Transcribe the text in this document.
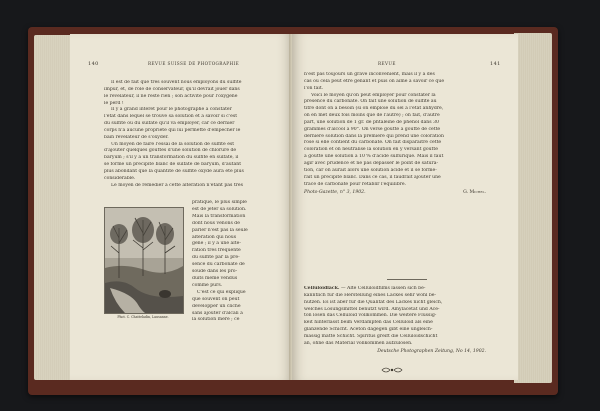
140	REVUE SUISSE DE PHOTOGRAPHIE
Il est de fait que très souvent nous employons du sulfite
impur, et, de rôle de conservateur, qu'il devrait jouer dans
le révélateur, il ne reste rien ; son activité pour l'oxygène
le perd !
Il y a grand intérêt pour le photographe à constater
l'état dans lequel se trouve sa solution et à savoir si c'est
du sulfite ou du sulfate qu'il va employer, car ce dernier
corps n'a aucune propriété qui lui permette d'empêcher le
bain révélateur de s'oxyder.
Un moyen de faire l'essai de la solution de sulfite est
d'ajouter quelques gouttes d'une solution de chlorure de
baryum ; s'il y a un transformation du sulfite en sulfate, il
se forme un précipité blanc de sulfate de baryum, d'autant
plus abondant que la quantité de sulfite oxydé aura été plus
considérable.
Le moyen de remédier à cette altération n'étant pas très
Phot. C. Chatteladin, Lausanne.
pratique, le plus simple
est de jeter sa solution.
Mais la transformation
dont nous venons de
parler n'est pas la seule
altération qui nous
gêne ; il y a une alté-
ration très fréquente
du sulfite par la pré-
sence du carbonate de
soude dans les pro-
duits même vendus
comme purs.
C'est ce qui explique
que souvent on peut
développer un cliché
sans ajouter d'alcali à
la solution mère ; ce
REVUE	141
n'est pas toujours un grave inconvénient, mais il y a des
cas où cela peut être gênant et puis on aime à savoir ce que
l'on fait.
Voici le moyen qu'on peut employer pour constater la
présence du carbonate. On fait une solution de sulfite au
titre dont on a besoin (si on emploie du sel à l'état anhydre,
on en met deux fois moins que de l'autre) ; on fait, d'autre
part, une solution de 1 gr. de phtaléine de phénol dans 30
grammes d'alcool à 90°. On verse goutte à goutte de cette
dernière solution dans la première qui prend une coloration
rose si elle contient du carbonate. On fait disparaître cette
coloration et on neutralise la solution en y versant goutte
à goutte une solution à 10 % d'acide sulfurique. Mais il faut
agir avec prudence et ne pas dépasser le point de satura-
tion, car on aurait alors une solution acide et il se forme-
rait un précipité blanc. Dans ce cas, il faudrait ajouter une
trace de carbonate pour rétablir l'équilibre.
Photo-Gazette, n° 3, 1902.	G. Michel.
Celluloïdlack. — Alte Celluloïdfilms lassen sich be-
kanntlich für die Herstellung eines Lackes sehr wohl be-
nützen. Es ist aber für die Qualität des Lackes nicht gleich,
welches Lösungsmittel benutzt wird. Amylacetat und Ace-
ton lösen das Celluloïd vollkommen. Die weitere Flüssig-
keit hinterlässt beim Verdampfen das Celluloïd als eine
glänzende Schicht. Aceton dagegen gibt eine ungleich-
mässig matte Schicht. Spiritus greift die Celluloïdschicht
an, ohne das Material vollkommen aufzulösen.
Deutsche Photographen Zeitung, No 14, 1902.
